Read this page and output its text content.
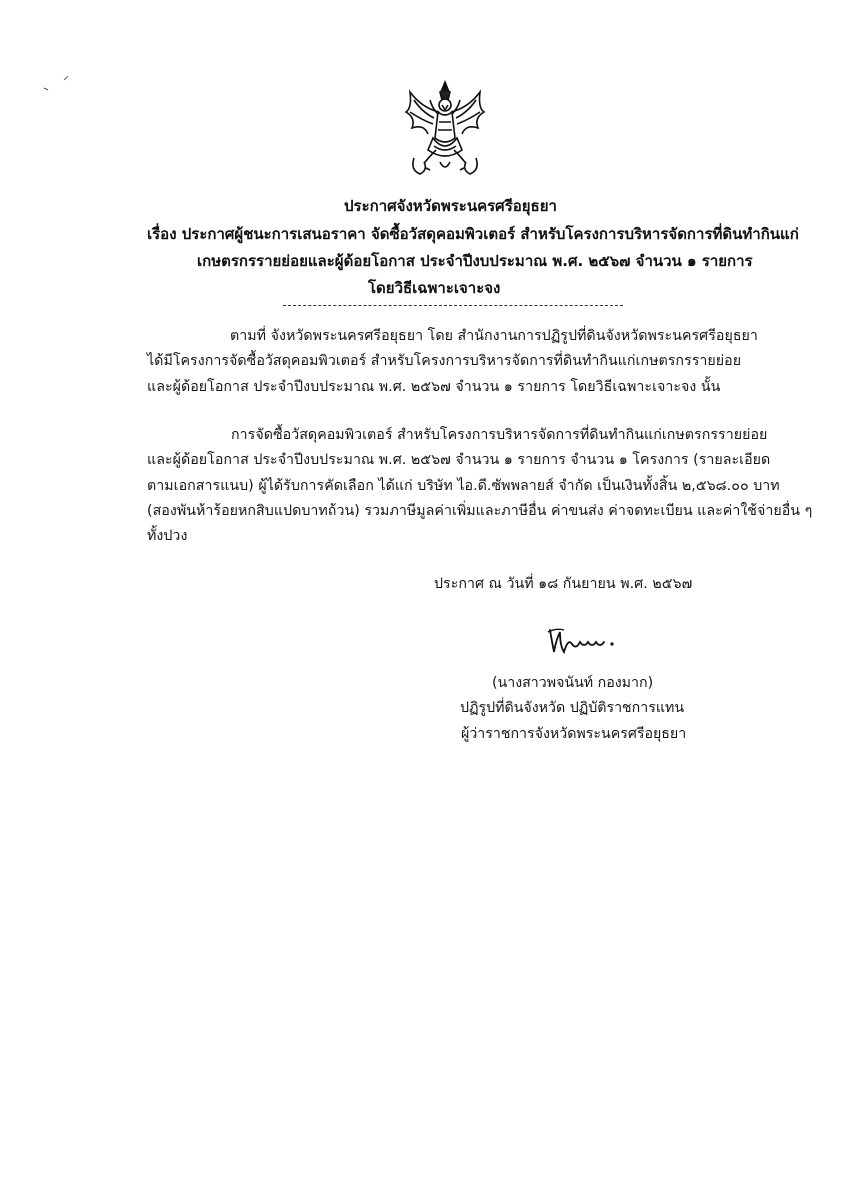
ประกาศจังหวัดพระนครศรีอยุธยา
เรื่อง ประกาศผู้ชนะการเสนอราคา จัดซื้อวัสดุคอมพิวเตอร์ สำหรับโครงการบริหารจัดการที่ดินทำกินแก่
เกษตรกรรายย่อยและผู้ด้อยโอกาส ประจำปีงบประมาณ พ.ศ. ๒๕๖๗ จำนวน ๑ รายการ
โดยวิธีเฉพาะเจาะจง
ตามที่ จังหวัดพระนครศรีอยุธยา โดย สำนักงานการปฏิรูปที่ดินจังหวัดพระนครศรีอยุธยา
ได้มีโครงการจัดซื้อวัสดุคอมพิวเตอร์ สำหรับโครงการบริหารจัดการที่ดินทำกินแก่เกษตรกรรายย่อย
และผู้ด้อยโอกาส ประจำปีงบประมาณ พ.ศ. ๒๕๖๗ จำนวน ๑ รายการ โดยวิธีเฉพาะเจาะจง นั้น
การจัดซื้อวัสดุคอมพิวเตอร์ สำหรับโครงการบริหารจัดการที่ดินทำกินแก่เกษตรกรรายย่อย
และผู้ด้อยโอกาส ประจำปีงบประมาณ พ.ศ. ๒๕๖๗ จำนวน ๑ รายการ จำนวน ๑ โครงการ (รายละเอียด
ตามเอกสารแนบ) ผู้ได้รับการคัดเลือก ได้แก่ บริษัท ไอ.ดี.ซัพพลายส์ จำกัด เป็นเงินทั้งสิ้น ๒,๕๖๘.๐๐ บาท
(สองพันห้าร้อยหกสิบแปดบาทถ้วน) รวมภาษีมูลค่าเพิ่มและภาษีอื่น ค่าขนส่ง ค่าจดทะเบียน และค่าใช้จ่ายอื่น ๆ
ทั้งปวง
ประกาศ ณ วันที่ ๑๘ กันยายน พ.ศ. ๒๕๖๗
(นางสาวพจนันท์ กองมาก)
ปฏิรูปที่ดินจังหวัด ปฏิบัติราชการแทน
ผู้ว่าราชการจังหวัดพระนครศรีอยุธยา
